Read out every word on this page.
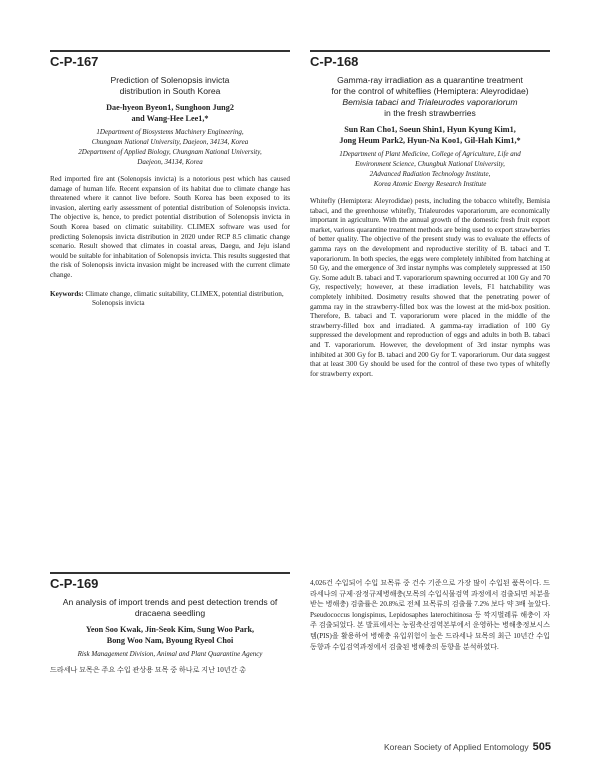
C-P-167
Prediction of Solenopsis invicta
distribution in South Korea
Dae-hyeon Byeon1, Sunghoon Jung2
and Wang-Hee Lee1,*
1Department of Biosystems Machinery Engineering,
Chungnam National University, Daejeon, 34134, Korea
2Department of Applied Biology, Chungnam National University,
Daejeon, 34134, Korea
Red imported fire ant (Solenopsis invicta) is a notorious pest which has caused damage of human life. Recent expansion of its habitat due to climate change has threatened where it cannot live before. South Korea has been exposed to its invasion, alerting early assessment of potential distribution of Solenopsis invicta. The objective is, hence, to predict potential distribution of Solenopsis invicta in South Korea based on climatic suitability. CLIMEX software was used for predicting Solenopsis invicta distribution in 2020 under RCP 8.5 climatic change scenario. Result showed that climates in coastal areas, Daegu, and Jeju island would be suitable for inhabitation of Solenopsis invicta. This results suggested that the risk of Solenopsis invicta invasion might be increased with the current climate change.
Keywords: Climate change, climatic suitability, CLIMEX, potential distribution, Solenopsis invicta
C-P-168
Gamma-ray irradiation as a quarantine treatment
for the control of whiteflies (Hemiptera: Aleyrodidae)
Bemisia tabaci and Trialeurodes vaporariorum
in the fresh strawberries
Sun Ran Cho1, Soeun Shin1, Hyun Kyung Kim1,
Jong Heum Park2, Hyun-Na Koo1, Gil-Hah Kim1,*
1Department of Plant Medicine, College of Agriculture, Life and
Environment Science, Chungbuk National University,
2Advanced Radiation Technology Institute,
Korea Atomic Energy Research Institute
Whitefly (Hemiptera: Aleyrodidae) pests, including the tobacco whitefly, Bemisia tabaci, and the greenhouse whitefly, Trialeurodes vaporariorum, are economically important in agriculture. With the annual growth of the domestic fresh fruit export market, various quarantine treatment methods are being used to export strawberries of better quality. The objective of the present study was to evaluate the effects of gamma rays on the development and reproductive sterility of B. tabaci and T. vaporariorum. In both species, the eggs were completely inhibited from hatching at 50 Gy, and the emergence of 3rd instar nymphs was completely suppressed at 150 Gy. Some adult B. tabaci and T. vaporariorum spawning occurred at 100 Gy and 70 Gy, respectively; however, at these irradiation levels, F1 hatchability was completely inhibited. Dosimetry results showed that the penetrating power of gamma ray in the strawberry-filled box was the lowest at the mid-box position. Therefore, B. tabaci and T. vaporariorum were placed in the middle of the strawberry-filled box and irradiated. A gamma-ray irradiation of 100 Gy suppressed the development and reproduction of eggs and adults in both B. tabaci and T. vaporariorum. However, the development of 3rd instar nymphs was inhibited at 300 Gy for B. tabaci and 200 Gy for T. vaporariorum. Our data suggest that at least 300 Gy should be used for the control of these two types of whitefly for strawberry export.
C-P-169
An analysis of import trends and pest detection trends of
dracaena seedling
Yeon Soo Kwak, Jin-Seok Kim, Sung Woo Park,
Bong Woo Nam, Byoung Ryeol Choi
Risk Management Division, Animal and Plant Quarantine Agency
드라세나 묘목은 주요 수입 관상용 묘목 중 하나로 지난 10년간 총
4,026건 수입되어 수입 묘목류 중 건수 기준으로 가장 많이 수입된 품목이다. 드라세나의 규제·잠정규제병해충(모목의 수입식물검역 과정에서 검출되면 처분을 받는 병해충) 검출률은 20.8%로 전체 묘목류의 검출률 7.2% 보다 약 3배 높았다. Pseudococcus longispinus, Lepidosaphes laterochitinosa 등 깍지벌레류 해충이 자주 검출되었다. 본 발표에서는 농림축산검역본부에서 운영하는 병해충정보시스템(PIS)을 활용하여 병해충 유입위험이 높은 드라세나 묘목의 최근 10년간 수입동향과 수입검역과정에서 검출된 병해충의 동향을 분석하였다.
Korean Society of Applied Entomology 505
